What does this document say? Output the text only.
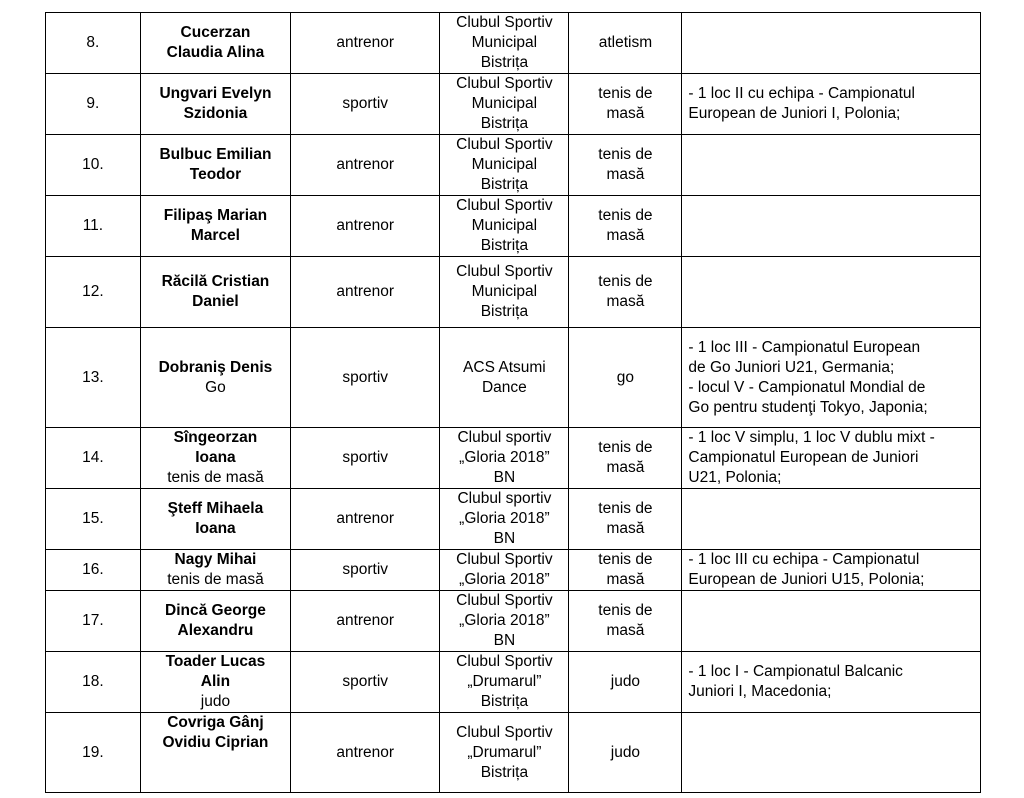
8.	Cucerzan
Claudia Alina	antrenor	Clubul Sportiv
Municipal
Bistrița	atletism	

9.	Ungvari Evelyn
Szidonia	sportiv	Clubul Sportiv
Municipal
Bistrița	tenis de
masă	- 1 loc II cu echipa - Campionatul
European de Juniori I, Polonia;

10.	Bulbuc Emilian
Teodor	antrenor	Clubul Sportiv
Municipal
Bistrița	tenis de
masă	

11.	Filipaş Marian
Marcel	antrenor	Clubul Sportiv
Municipal
Bistrița	tenis de
masă	

12.	Răcilă Cristian
Daniel	antrenor	Clubul Sportiv
Municipal
Bistrița	tenis de
masă	

13.	Dobraniş Denis
Go	sportiv	ACS Atsumi
Dance	go	- 1 loc III - Campionatul European
de Go Juniori U21, Germania;
- locul V - Campionatul Mondial de
Go pentru studenţi Tokyo, Japonia;

14.	Sîngeorzan
Ioana
tenis de masă	sportiv	Clubul sportiv
„Gloria 2018”
BN	tenis de
masă	- 1 loc V simplu, 1 loc V dublu mixt -
Campionatul European de Juniori
U21, Polonia;

15.	Şteff Mihaela
Ioana	antrenor	Clubul sportiv
„Gloria 2018”
BN	tenis de
masă	

16.	Nagy Mihai
tenis de masă	sportiv	Clubul Sportiv
„Gloria 2018”	tenis de
masă	- 1 loc III cu echipa - Campionatul
European de Juniori U15, Polonia;

17.	Dincă George
Alexandru	antrenor	Clubul Sportiv
„Gloria 2018”
BN	tenis de
masă	

18.	Toader Lucas
Alin
judo	sportiv	Clubul Sportiv
„Drumarul”
Bistrița	judo	- 1 loc I - Campionatul Balcanic
Juniori I, Macedonia;

19.	Covriga Gânj
Ovidiu Ciprian	antrenor	Clubul Sportiv
„Drumarul”
Bistrița	judo	
